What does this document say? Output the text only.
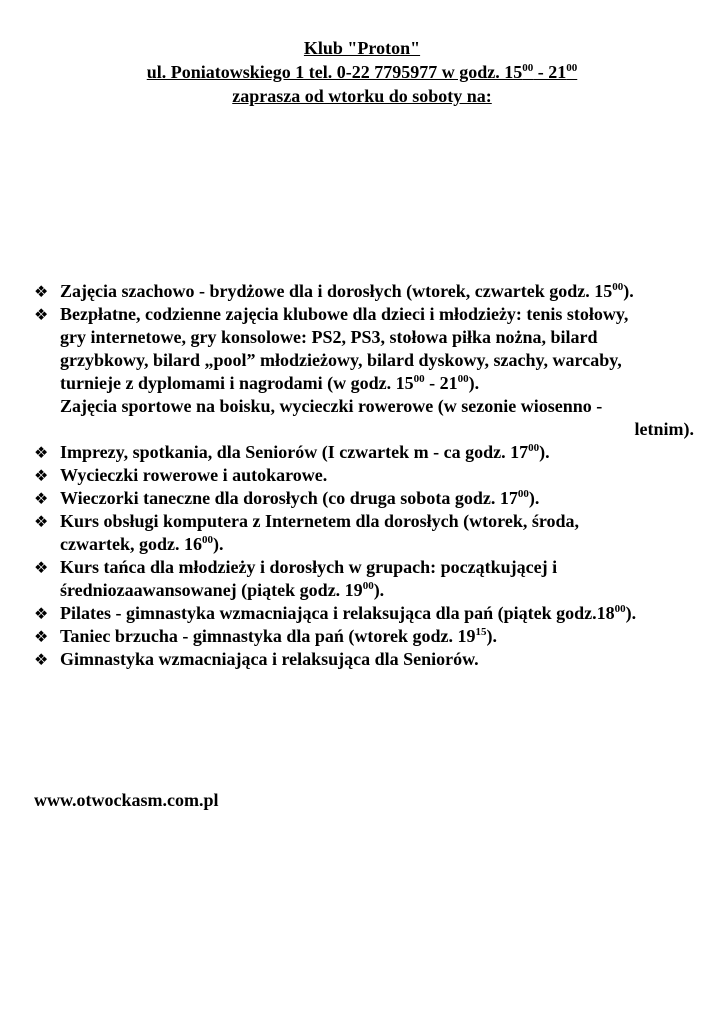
Klub "Proton"
ul. Poniatowskiego 1 tel. 0-22 7795977 w godz. $15^{00} - 21^{00}$
zaprasza od wtorku do soboty na:
❖ Zajęcia szachowo - brydżowe dla i dorosłych (wtorek, czwartek godz. $15^{00}$).
❖ Bezpłatne, codzienne zajęcia klubowe dla dzieci i młodzieży: tenis stołowy,
gry internetowe, gry konsolowe: PS2, PS3, stołowa piłka nożna, bilard
grzybkowy, bilard „pool” młodzieżowy, bilard dyskowy, szachy, warcaby,
turnieje z dyplomami i nagrodami (w godz. $15^{00} - 21^{00}$).
Zajęcia sportowe na boisku, wycieczki rowerowe (w sezonie wiosenno -
letnim).
❖ Imprezy, spotkania, dla Seniorów (I czwartek m - ca godz. $17^{00}$).
❖ Wycieczki rowerowe i autokarowe.
❖ Wieczorki taneczne dla dorosłych (co druga sobota godz. $17^{00}$).
❖ Kurs obsługi komputera z Internetem dla dorosłych (wtorek, środa,
czwartek, godz. $16^{00}$).
❖ Kurs tańca dla młodzieży i dorosłych w grupach: początkującej i
średniozaawansowanej (piątek godz. $19^{00}$).
❖ Pilates - gimnastyka wzmacniająca i relaksująca dla pań (piątek $godz.18^{00}$).
❖ Taniec brzucha - gimnastyka dla pań (wtorek godz. $19^{15}$).
❖ Gimnastyka wzmacniająca i relaksująca dla Seniorów.
www.otwockasm.com.pl
